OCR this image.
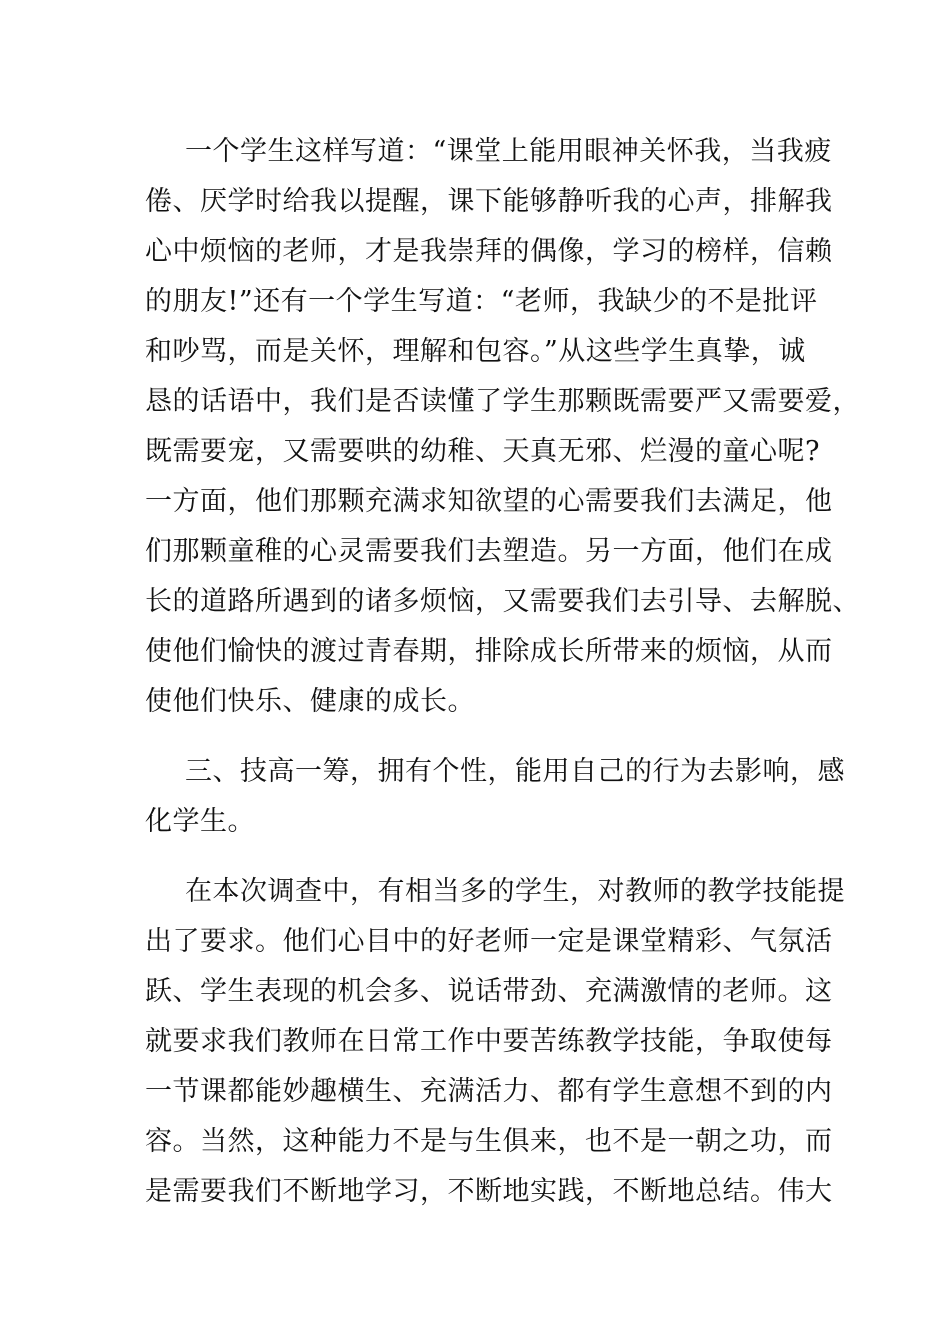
一个学生这样写道：“课堂上能用眼神关怀我，当我疲
倦、厌学时给我以提醒，课下能够静听我的心声，排解我
心中烦恼的老师，才是我崇拜的偶像，学习的榜样，信赖
的朋友!”还有一个学生写道：“老师，我缺少的不是批评
和吵骂，而是关怀，理解和包容。”从这些学生真挚，诚
恳的话语中，我们是否读懂了学生那颗既需要严又需要爱，
既需要宠，又需要哄的幼稚、天真无邪、烂漫的童心呢?
一方面，他们那颗充满求知欲望的心需要我们去满足，他
们那颗童稚的心灵需要我们去塑造。另一方面，他们在成
长的道路所遇到的诸多烦恼，又需要我们去引导、去解脱、
使他们愉快的渡过青春期，排除成长所带来的烦恼，从而
使他们快乐、健康的成长。
三、技高一筹，拥有个性，能用自己的行为去影响，感
化学生。
在本次调查中，有相当多的学生，对教师的教学技能提
出了要求。他们心目中的好老师一定是课堂精彩、气氛活
跃、学生表现的机会多、说话带劲、充满激情的老师。这
就要求我们教师在日常工作中要苦练教学技能，争取使每
一节课都能妙趣横生、充满活力、都有学生意想不到的内
容。当然，这种能力不是与生俱来，也不是一朝之功，而
是需要我们不断地学习，不断地实践，不断地总结。伟大
